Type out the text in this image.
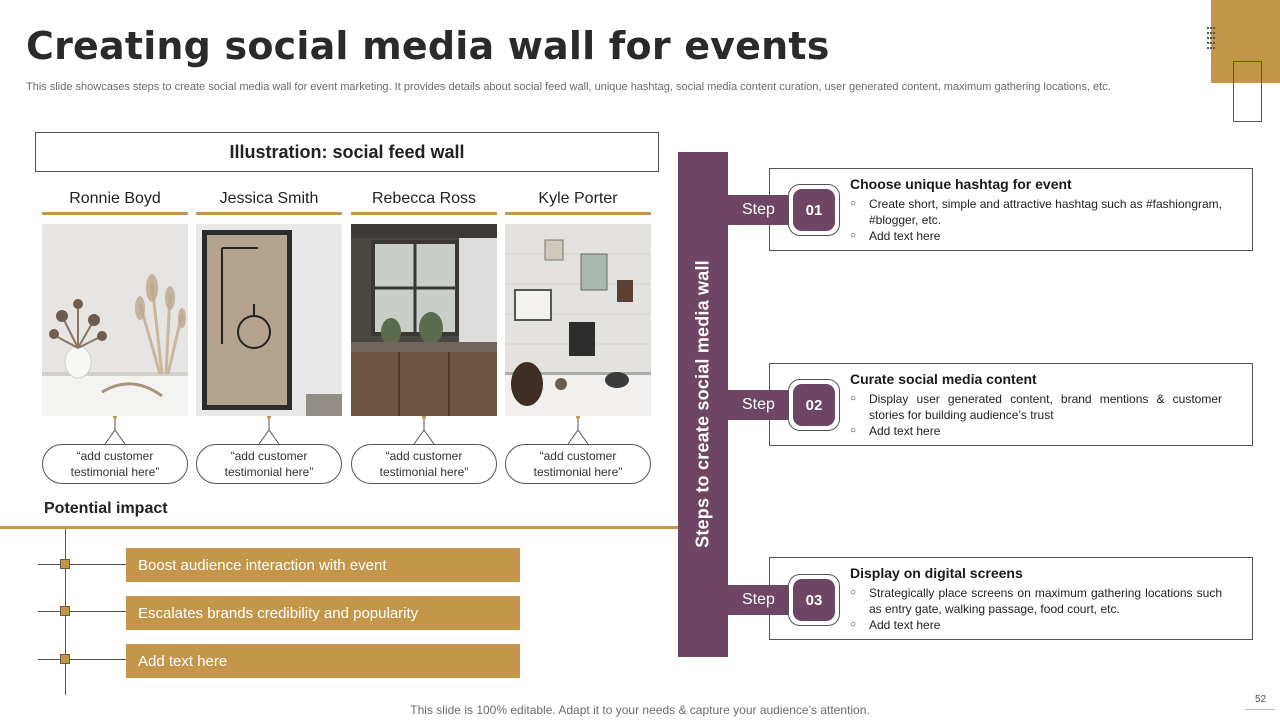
Creating social media wall for events
This slide showcases steps to create social media wall for event marketing. It provides details about social feed wall, unique hashtag, social media content curation, user generated content, maximum gathering locations, etc.
Illustration: social feed wall
Ronnie Boyd
“add customer testimonial here”
Jessica Smith
“add customer testimonial here”
Rebecca Ross
“add customer testimonial here”
Kyle Porter
“add customer testimonial here”
Potential impact
Boost audience interaction with event
Escalates brands credibility and popularity
Add text here
Steps to create social media wall
Choose unique hashtag for event
○	Create short, simple and attractive hashtag such as #fashiongram, #blogger, etc.
○	Add text here
Step	01
Curate social media content
○	Display user generated content, brand mentions & customer stories for building audience’s trust
○	Add text here
Step	02
Display on digital screens
○	Strategically place screens on maximum gathering locations such as entry gate, walking passage, food court, etc.
○	Add text here
Step	03
This slide is 100% editable. Adapt it to your needs & capture your audience’s attention.
52
